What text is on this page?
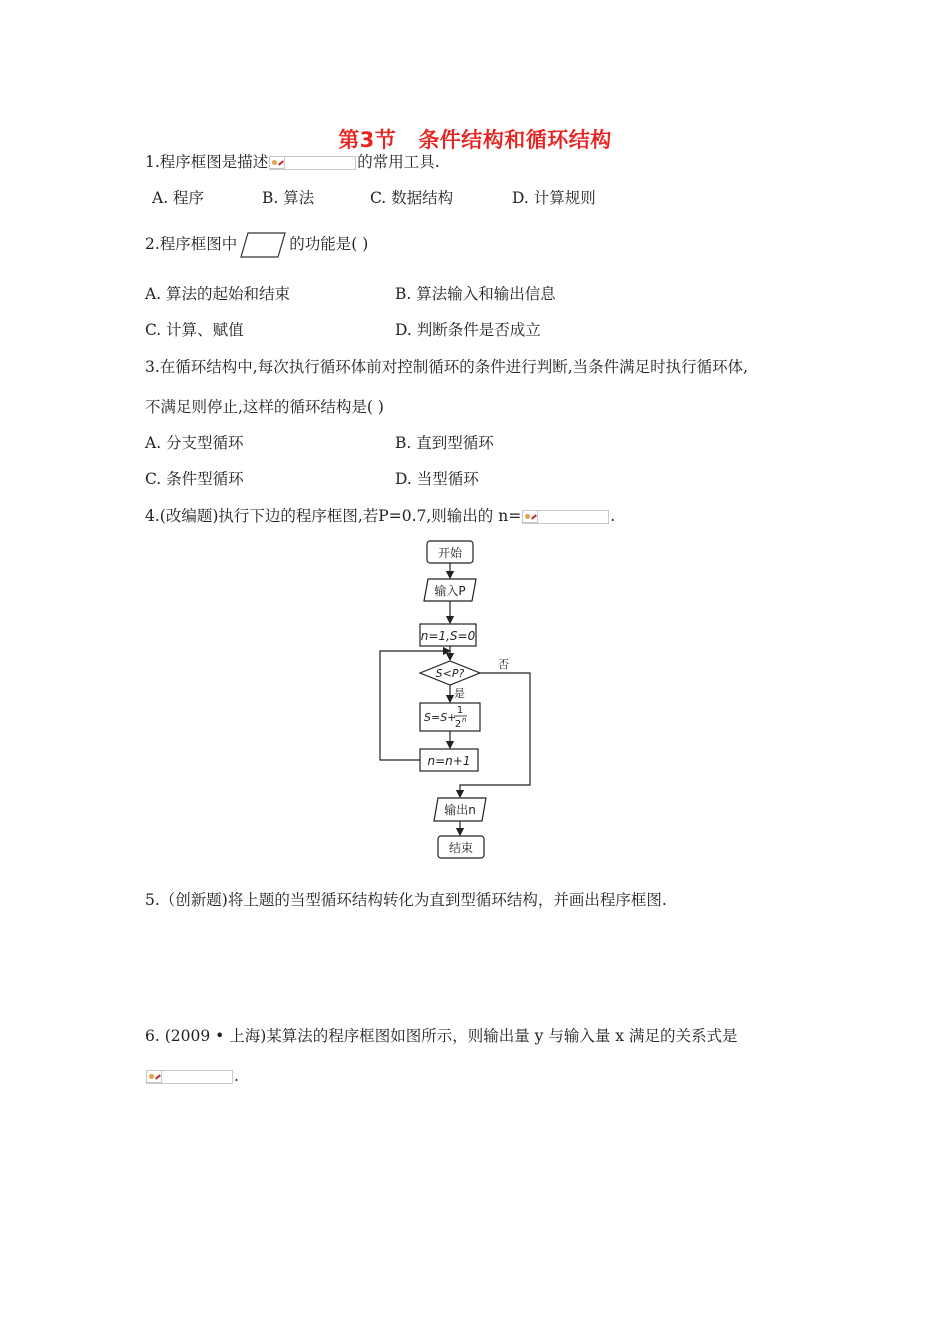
第3节 条件结构和循环结构
1.程序框图是描述	的常用工具.
A. 程序	B. 算法	C. 数据结构	D. 计算规则
2.程序框图中	的功能是( )
A. 算法的起始和结束	B. 算法输入和输出信息
C. 计算、赋值	D. 判断条件是否成立
3.在循环结构中,每次执行循环体前对控制循环的条件进行判断,当条件满足时执行循环体,
不满足则停止,这样的循环结构是( )
A. 分支型循环	B. 直到型循环
C. 条件型循环	D. 当型循环
4.(改编题)执行下边的程序框图,若P=0.7,则输出的 n=	.
开始
输入P
n=1,S=0
S<P?
否
是
S=S+
1
2 n
n=n+1
输出n
结束
5.（创新题)将上题的当型循环结构转化为直到型循环结构，并画出程序框图.
6. (2009 • 上海)某算法的程序框图如图所示，则输出量 y 与输入量 x 满足的关系式是
.
